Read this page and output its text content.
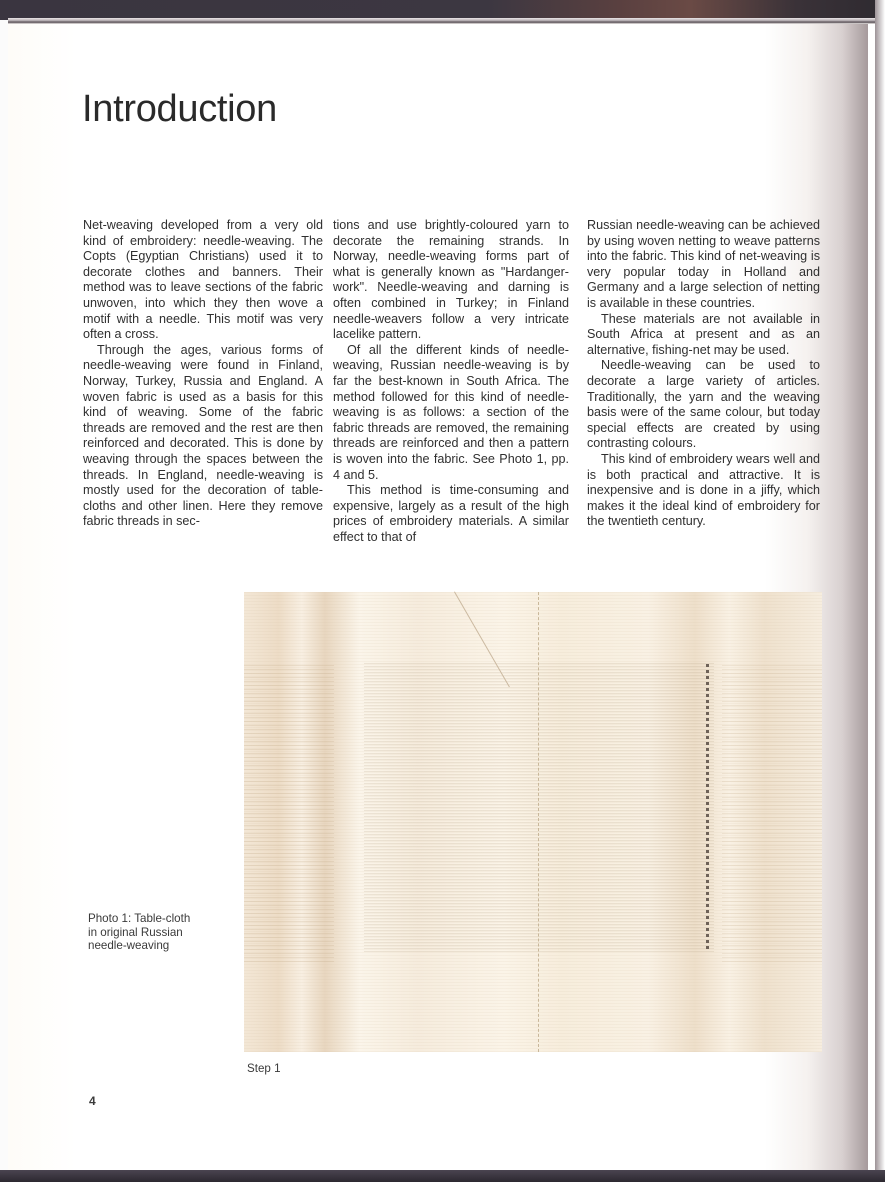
Introduction

Net-weaving developed from a very old kind of embroidery: needle-weaving. The Copts (Egyptian Christians) used it to decorate clothes and banners. Their method was to leave sections of the fabric unwoven, into which they then wove a motif with a needle. This motif was very often a cross.

Through the ages, various forms of needle-weaving were found in Finland, Norway, Turkey, Russia and England. A woven fabric is used as a basis for this kind of weaving. Some of the fabric threads are removed and the rest are then reinforced and decorated. This is done by weaving through the spaces between the threads. In England, needle-weaving is mostly used for the decoration of table-cloths and other linen. Here they remove fabric threads in sec-

tions and use brightly-coloured yarn to decorate the remaining strands. In Norway, needle-weaving forms part of what is generally known as "Hardanger-work". Needle-weaving and darning is often combined in Turkey; in Finland needle-weavers follow a very intricate lacelike pattern.

Of all the different kinds of needle-weaving, Russian needle-weaving is by far the best-known in South Africa. The method followed for this kind of needle-weaving is as follows: a section of the fabric threads are removed, the remaining threads are reinforced and then a pattern is woven into the fabric. See Photo 1, pp. 4 and 5.

This method is time-consuming and expensive, largely as a result of the high prices of embroidery materials. A similar effect to that of

Russian needle-weaving can be achieved by using woven netting to weave patterns into the fabric. This kind of net-weaving is very popular today in Holland and Germany and a large selection of netting is available in these countries.

These materials are not available in South Africa at present and as an alternative, fishing-net may be used.

Needle-weaving can be used to decorate a large variety of articles. Traditionally, the yarn and the weaving basis were of the same colour, but today special effects are created by using contrasting colours.

This kind of embroidery wears well and is both practical and attractive. It is inexpensive and is done in a jiffy, which makes it the ideal kind of embroidery for the twentieth century.

Photo 1: Table-cloth
in original Russian
needle-weaving
Step 1
4
